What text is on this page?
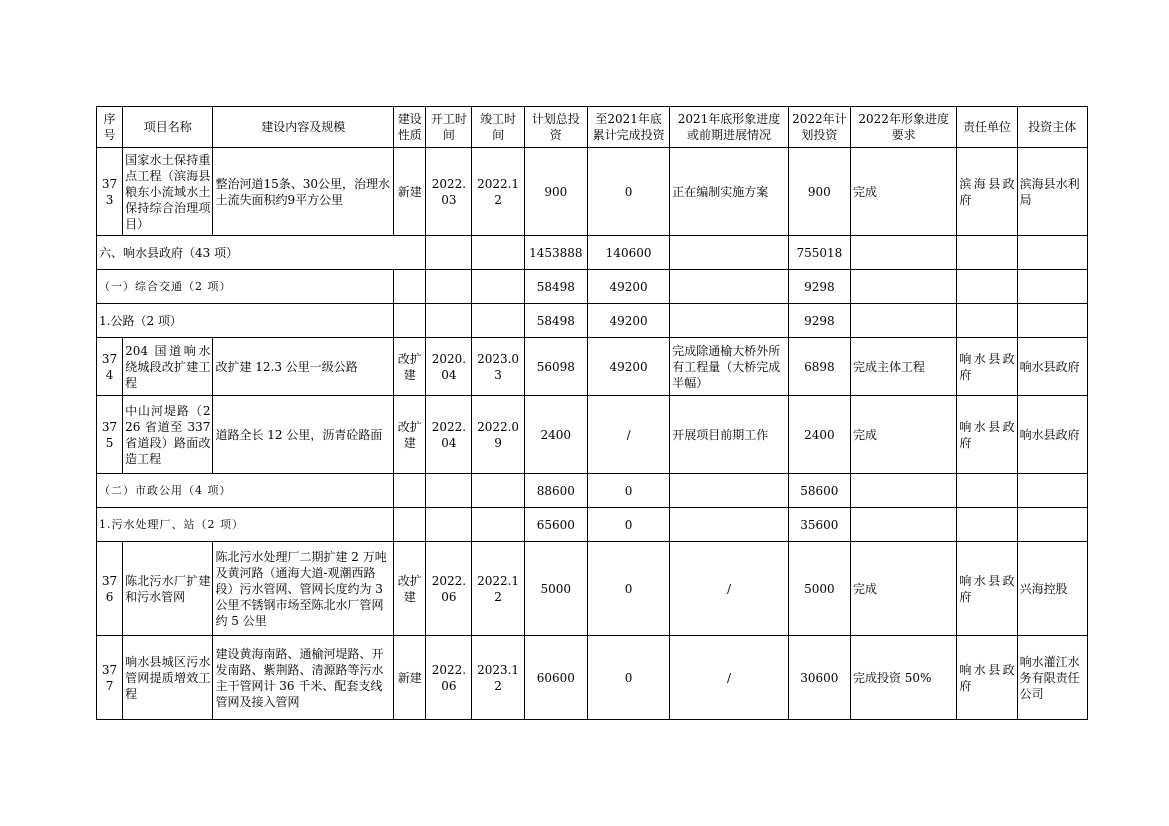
序号	项目名称	建设内容及规模	建设性质	开工时间	竣工时间	计划总投资	至2021年底累计完成投资	2021年底形象进度或前期进展情况	2022年计划投资	2022年形象进度要求	责任单位	投资主体
373	国家水土保持重点工程（滨海县粮东小流域水土保持综合治理项目）	整治河道15条、30公里，治理水土流失面积约9平方公里	新建	2022.03	2022.12	900	0	正在编制实施方案	900	完成	滨海县政府	滨海县水利局
六、响水县政府（43 项）						1453888	140600		755018			
（一）综合交通（2 项）						58498	49200		9298			
1.公路（2 项）						58498	49200		9298			
374	204 国道响水绕城段改扩建工程	改扩建 12.3 公里一级公路	改扩建	2020.04	2023.03	56098	49200	完成除通榆大桥外所有工程量（大桥完成半幅）	6898	完成主体工程	响水县政府	响水县政府
375	中山河堤路（226 省道至 337 省道段）路面改造工程	道路全长 12 公里，沥青砼路面	改扩建	2022.04	2022.09	2400	/	开展项目前期工作	2400	完成	响水县政府	响水县政府
（二）市政公用（4 项）						88600	0		58600			
1.污水处理厂、站（2 项）						65600	0		35600			
376	陈北污水厂扩建和污水管网	陈北污水处理厂二期扩建 2 万吨及黄河路（通海大道-观潮西路段）污水管网、管网长度约为 3 公里不锈钢市场至陈北水厂管网约 5 公里	改扩建	2022.06	2022.12	5000	0	/	5000	完成	响水县政府	兴海控股
377	响水县城区污水管网提质增效工程	建设黄海南路、通榆河堤路、开发南路、紫荆路、清源路等污水主干管网计 36 千米、配套支线管网及接入管网	新建	2022.06	2023.12	60600	0	/	30600	完成投资 50%	响水县政府	响水灌江水务有限责任公司
